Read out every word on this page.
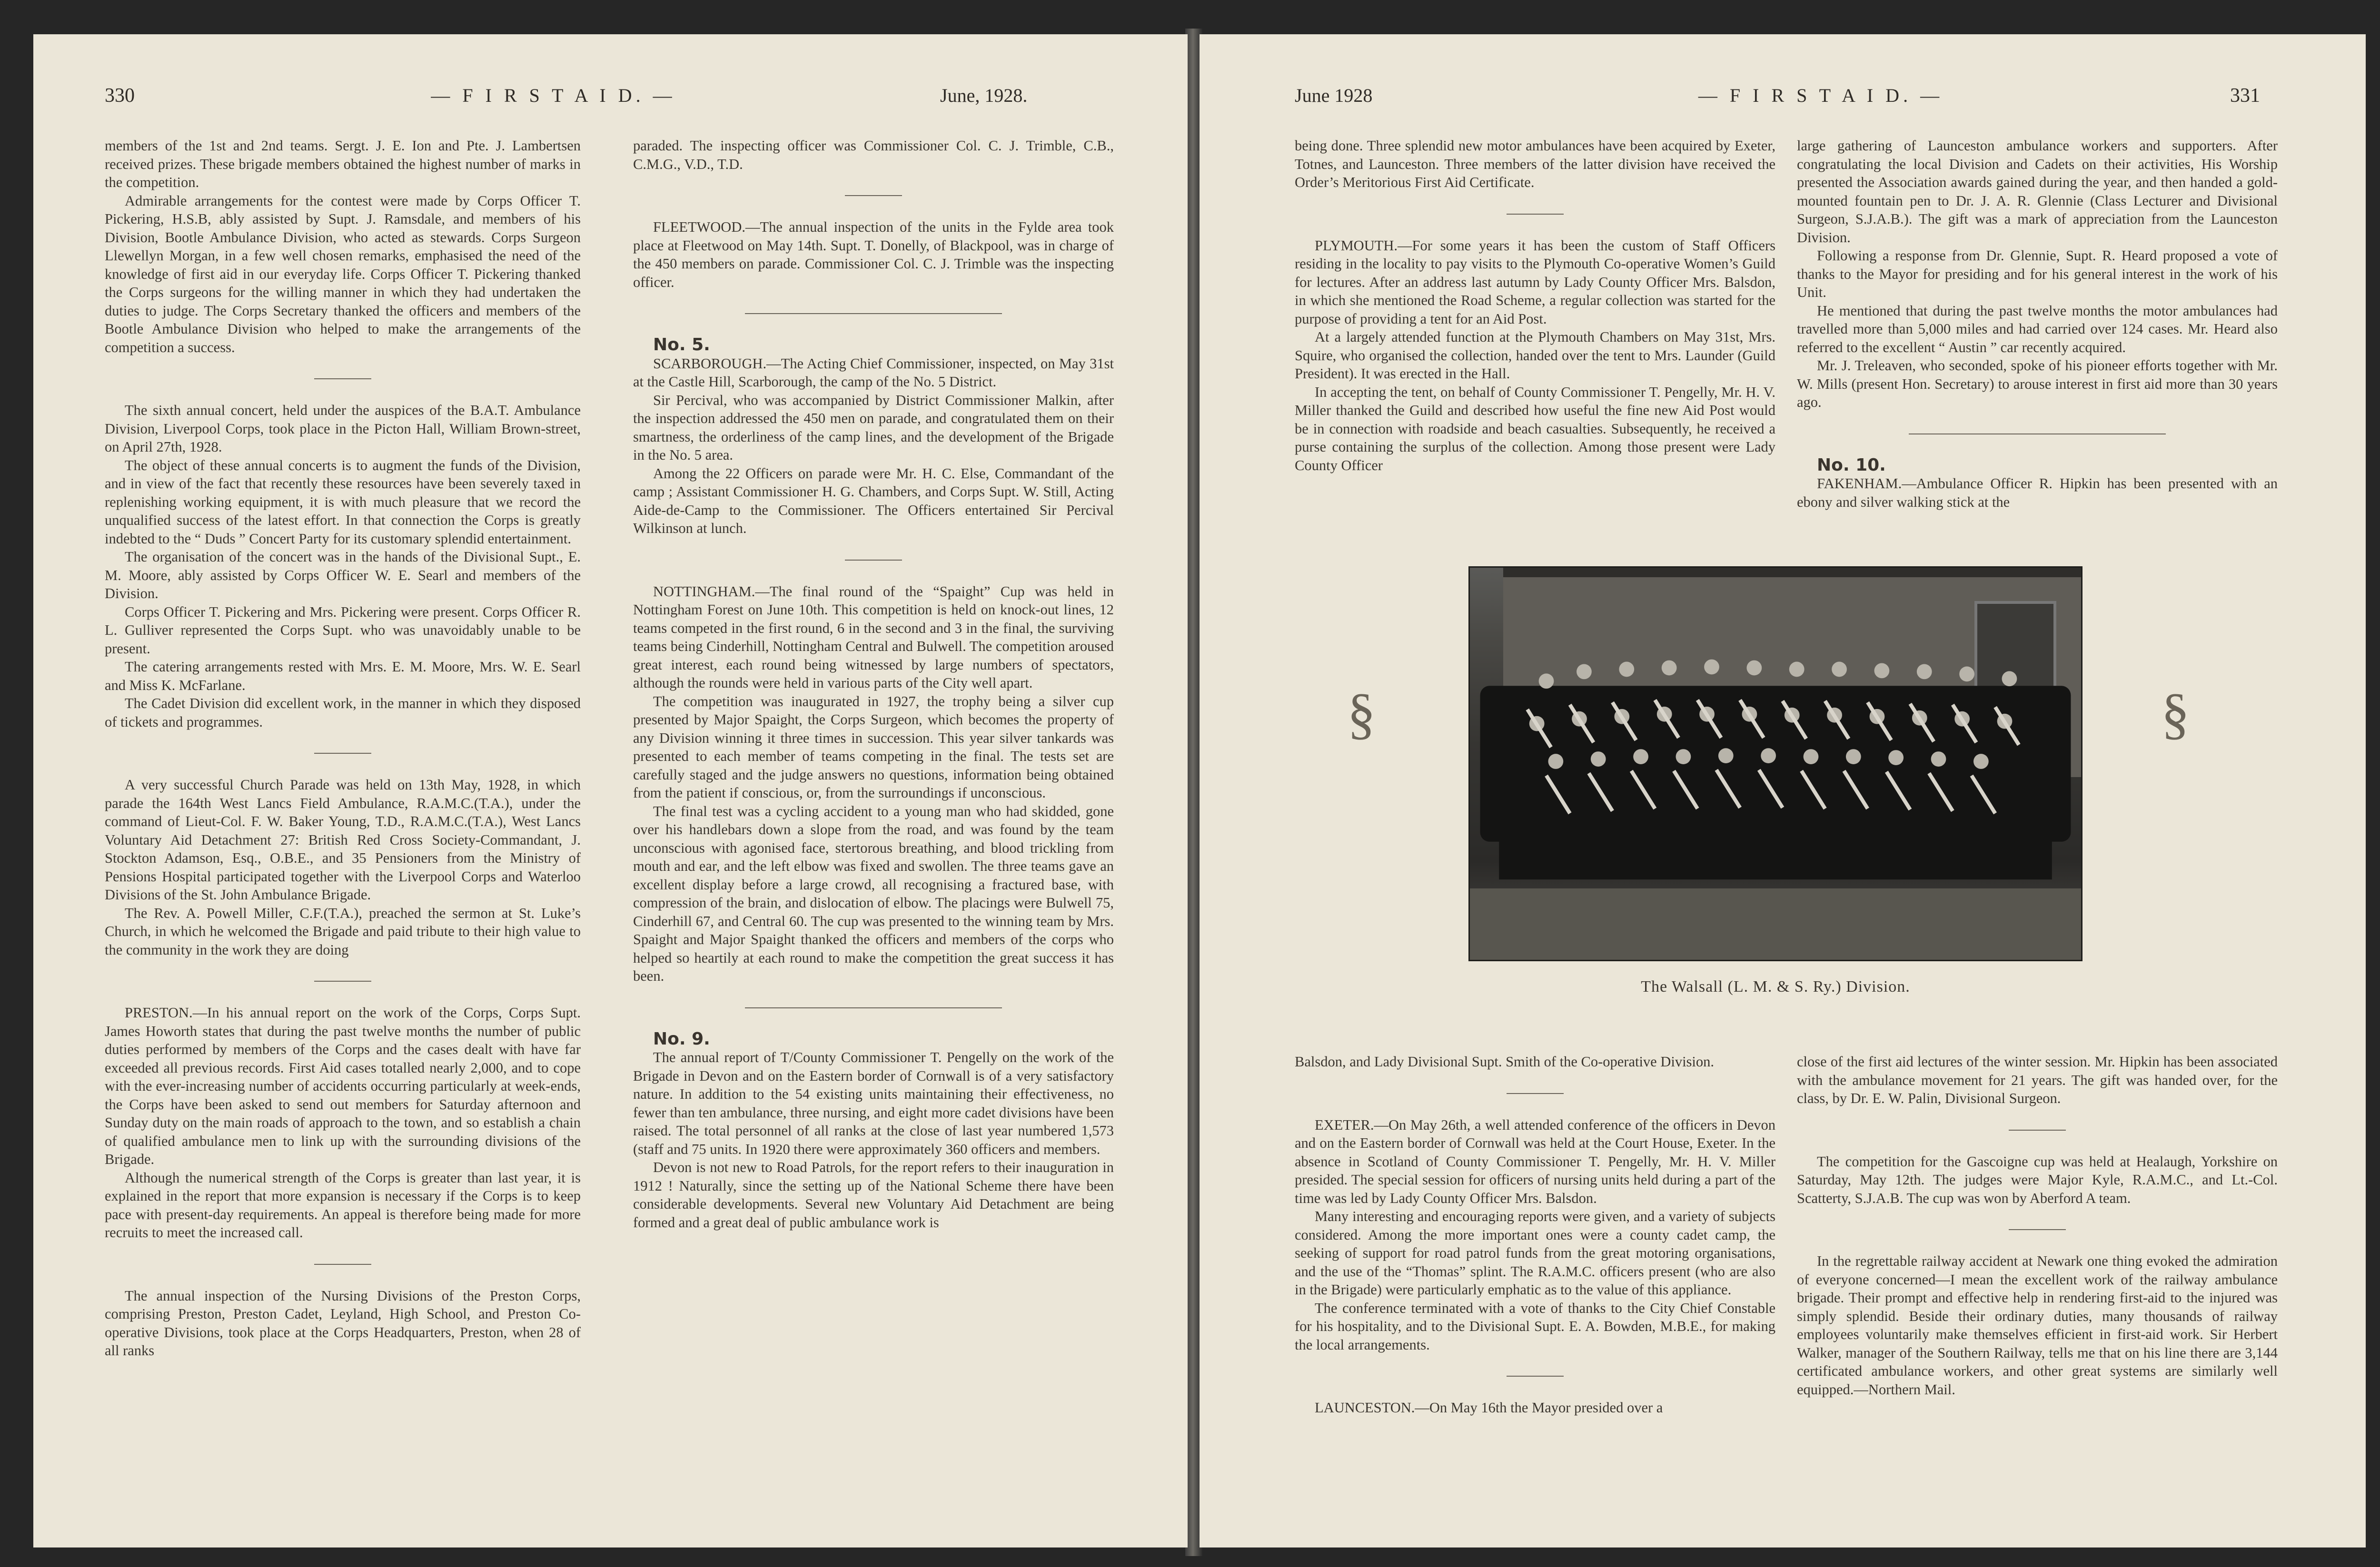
330	— F I R S T A I D. —	June, 1928.

members of the 1st and 2nd teams. Sergt. J. E. Ion and Pte. J. Lambertsen received prizes. These brigade members obtained the highest number of marks in the competition.

Admirable arrangements for the contest were made by Corps Officer T. Pickering, H.S.B, ably assisted by Supt. J. Ramsdale, and members of his Division, Bootle Ambulance Division, who acted as stewards. Corps Surgeon Llewellyn Morgan, in a few well chosen remarks, emphasised the need of the knowledge of first aid in our everyday life. Corps Officer T. Pickering thanked the Corps surgeons for the willing manner in which they had undertaken the duties to judge. The Corps Secretary thanked the officers and members of the Bootle Ambulance Division who helped to make the arrangements of the competition a success.

The sixth annual concert, held under the auspices of the B.A.T. Ambulance Division, Liverpool Corps, took place in the Picton Hall, William Brown-street, on April 27th, 1928.

The object of these annual concerts is to augment the funds of the Division, and in view of the fact that recently these resources have been severely taxed in replenishing working equipment, it is with much pleasure that we record the unqualified success of the latest effort. In that connection the Corps is greatly indebted to the “ Duds ” Concert Party for its customary splendid entertainment.

The organisation of the concert was in the hands of the Divisional Supt., E. M. Moore, ably assisted by Corps Officer W. E. Searl and members of the Division.

Corps Officer T. Pickering and Mrs. Pickering were present. Corps Officer R. L. Gulliver represented the Corps Supt. who was unavoidably unable to be present.

The catering arrangements rested with Mrs. E. M. Moore, Mrs. W. E. Searl and Miss K. McFarlane.

The Cadet Division did excellent work, in the manner in which they disposed of tickets and programmes.

A very successful Church Parade was held on 13th May, 1928, in which parade the 164th West Lancs Field Ambulance, R.A.M.C.(T.A.), under the command of Lieut-Col. F. W. Baker Young, T.D., R.A.M.C.(T.A.), West Lancs Voluntary Aid Detachment 27: British Red Cross Society-Commandant, J. Stockton Adamson, Esq., O.B.E., and 35 Pensioners from the Ministry of Pensions Hospital participated together with the Liverpool Corps and Waterloo Divisions of the St. John Ambulance Brigade.

The Rev. A. Powell Miller, C.F.(T.A.), preached the sermon at St. Luke’s Church, in which he welcomed the Brigade and paid tribute to their high value to the community in the work they are doing

PRESTON.—In his annual report on the work of the Corps, Corps Supt. James Howorth states that during the past twelve months the number of public duties performed by members of the Corps and the cases dealt with have far exceeded all previous records. First Aid cases totalled nearly 2,000, and to cope with the ever-increasing number of accidents occurring particularly at week-ends, the Corps have been asked to send out members for Saturday afternoon and Sunday duty on the main roads of approach to the town, and so establish a chain of qualified ambulance men to link up with the surrounding divisions of the Brigade.

Although the numerical strength of the Corps is greater than last year, it is explained in the report that more expansion is necessary if the Corps is to keep pace with present-day requirements. An appeal is therefore being made for more recruits to meet the increased call.

The annual inspection of the Nursing Divisions of the Preston Corps, comprising Preston, Preston Cadet, Leyland, High School, and Preston Co-operative Divisions, took place at the Corps Headquarters, Preston, when 28 of all ranks

paraded. The inspecting officer was Commissioner Col. C. J. Trimble, C.B., C.M.G., V.D., T.D.

FLEETWOOD.—The annual inspection of the units in the Fylde area took place at Fleetwood on May 14th. Supt. T. Donelly, of Blackpool, was in charge of the 450 members on parade. Commissioner Col. C. J. Trimble was the inspecting officer.

No. 5.

SCARBOROUGH.—The Acting Chief Commissioner, inspected, on May 31st at the Castle Hill, Scarborough, the camp of the No. 5 District.

Sir Percival, who was accompanied by District Commissioner Malkin, after the inspection addressed the 450 men on parade, and congratulated them on their smartness, the orderliness of the camp lines, and the development of the Brigade in the No. 5 area.

Among the 22 Officers on parade were Mr. H. C. Else, Commandant of the camp ; Assistant Commissioner H. G. Chambers, and Corps Supt. W. Still, Acting Aide-de-Camp to the Commissioner. The Officers entertained Sir Percival Wilkinson at lunch.

NOTTINGHAM.—The final round of the “Spaight” Cup was held in Nottingham Forest on June 10th. This competition is held on knock-out lines, 12 teams competed in the first round, 6 in the second and 3 in the final, the surviving teams being Cinderhill, Nottingham Central and Bulwell. The competition aroused great interest, each round being witnessed by large numbers of spectators, although the rounds were held in various parts of the City well apart.

The competition was inaugurated in 1927, the trophy being a silver cup presented by Major Spaight, the Corps Surgeon, which becomes the property of any Division winning it three times in succession. This year silver tankards was presented to each member of teams competing in the final. The tests set are carefully staged and the judge answers no questions, information being obtained from the patient if conscious, or, from the surroundings if unconscious.

The final test was a cycling accident to a young man who had skidded, gone over his handlebars down a slope from the road, and was found by the team unconscious with agonised face, stertorous breathing, and blood trickling from mouth and ear, and the left elbow was fixed and swollen. The three teams gave an excellent display before a large crowd, all recognising a fractured base, with compression of the brain, and dislocation of elbow. The placings were Bulwell 75, Cinderhill 67, and Central 60. The cup was presented to the winning team by Mrs. Spaight and Major Spaight thanked the officers and members of the corps who helped so heartily at each round to make the competition the great success it has been.

No. 9.

The annual report of T/County Commissioner T. Pengelly on the work of the Brigade in Devon and on the Eastern border of Cornwall is of a very satisfactory nature. In addition to the 54 existing units maintaining their effectiveness, no fewer than ten ambulance, three nursing, and eight more cadet divisions have been raised. The total personnel of all ranks at the close of last year numbered 1,573 (staff and 75 units. In 1920 there were approximately 360 officers and members.

Devon is not new to Road Patrols, for the report refers to their inauguration in 1912 ! Naturally, since the setting up of the National Scheme there have been considerable developments. Several new Voluntary Aid Detachment are being formed and a great deal of public ambulance work is

June 1928	— F I R S T A I D. —	331

being done. Three splendid new motor ambulances have been acquired by Exeter, Totnes, and Launceston. Three members of the latter division have received the Order’s Meritorious First Aid Certificate.

PLYMOUTH.—For some years it has been the custom of Staff Officers residing in the locality to pay visits to the Plymouth Co-operative Women’s Guild for lectures. After an address last autumn by Lady County Officer Mrs. Balsdon, in which she mentioned the Road Scheme, a regular collection was started for the purpose of providing a tent for an Aid Post.

At a largely attended function at the Plymouth Chambers on May 31st, Mrs. Squire, who organised the collection, handed over the tent to Mrs. Launder (Guild President). It was erected in the Hall.

In accepting the tent, on behalf of County Commissioner T. Pengelly, Mr. H. V. Miller thanked the Guild and described how useful the fine new Aid Post would be in connection with roadside and beach casualties. Subsequently, he received a purse containing the surplus of the collection. Among those present were Lady County Officer

large gathering of Launceston ambulance workers and supporters. After congratulating the local Division and Cadets on their activities, His Worship presented the Association awards gained during the year, and then handed a gold-mounted fountain pen to Dr. J. A. R. Glennie (Class Lecturer and Divisional Surgeon, S.J.A.B.). The gift was a mark of appreciation from the Launceston Division.

Following a response from Dr. Glennie, Supt. R. Heard proposed a vote of thanks to the Mayor for presiding and for his general interest in the work of his Unit.

He mentioned that during the past twelve months the motor ambulances had travelled more than 5,000 miles and had carried over 124 cases. Mr. Heard also referred to the excellent “ Austin ” car recently acquired.

Mr. J. Treleaven, who seconded, spoke of his pioneer efforts together with Mr. W. Mills (present Hon. Secretary) to arouse interest in first aid more than 30 years ago.

No. 10.

FAKENHAM.—Ambulance Officer R. Hipkin has been presented with an ebony and silver walking stick at the

Balsdon, and Lady Divisional Supt. Smith of the Co-operative Division.

EXETER.—On May 26th, a well attended conference of the officers in Devon and on the Eastern border of Cornwall was held at the Court House, Exeter. In the absence in Scotland of County Commissioner T. Pengelly, Mr. H. V. Miller presided. The special session for officers of nursing units held during a part of the time was led by Lady County Officer Mrs. Balsdon.

Many interesting and encouraging reports were given, and a variety of subjects considered. Among the more important ones were a county cadet camp, the seeking of support for road patrol funds from the great motoring organisations, and the use of the “Thomas” splint. The R.A.M.C. officers present (who are also in the Brigade) were particularly emphatic as to the value of this appliance.

The conference terminated with a vote of thanks to the City Chief Constable for his hospitality, and to the Divisional Supt. E. A. Bowden, M.B.E., for making the local arrangements.

LAUNCESTON.—On May 16th the Mayor presided over a

close of the first aid lectures of the winter session. Mr. Hipkin has been associated with the ambulance movement for 21 years. The gift was handed over, for the class, by Dr. E. W. Palin, Divisional Surgeon.

The competition for the Gascoigne cup was held at Healaugh, Yorkshire on Saturday, May 12th. The judges were Major Kyle, R.A.M.C., and Lt.-Col. Scatterty, S.J.A.B. The cup was won by Aberford A team.

In the regrettable railway accident at Newark one thing evoked the admiration of everyone concerned—I mean the excellent work of the railway ambulance brigade. Their prompt and effective help in rendering first-aid to the injured was simply splendid. Beside their ordinary duties, many thousands of railway employees voluntarily make themselves efficient in first-aid work. Sir Herbert Walker, manager of the Southern Railway, tells me that on his line there are 3,144 certificated ambulance workers, and other great systems are similarly well equipped.—Northern Mail.

The Walsall (L. M. & S. Ry.) Division.
§	§
